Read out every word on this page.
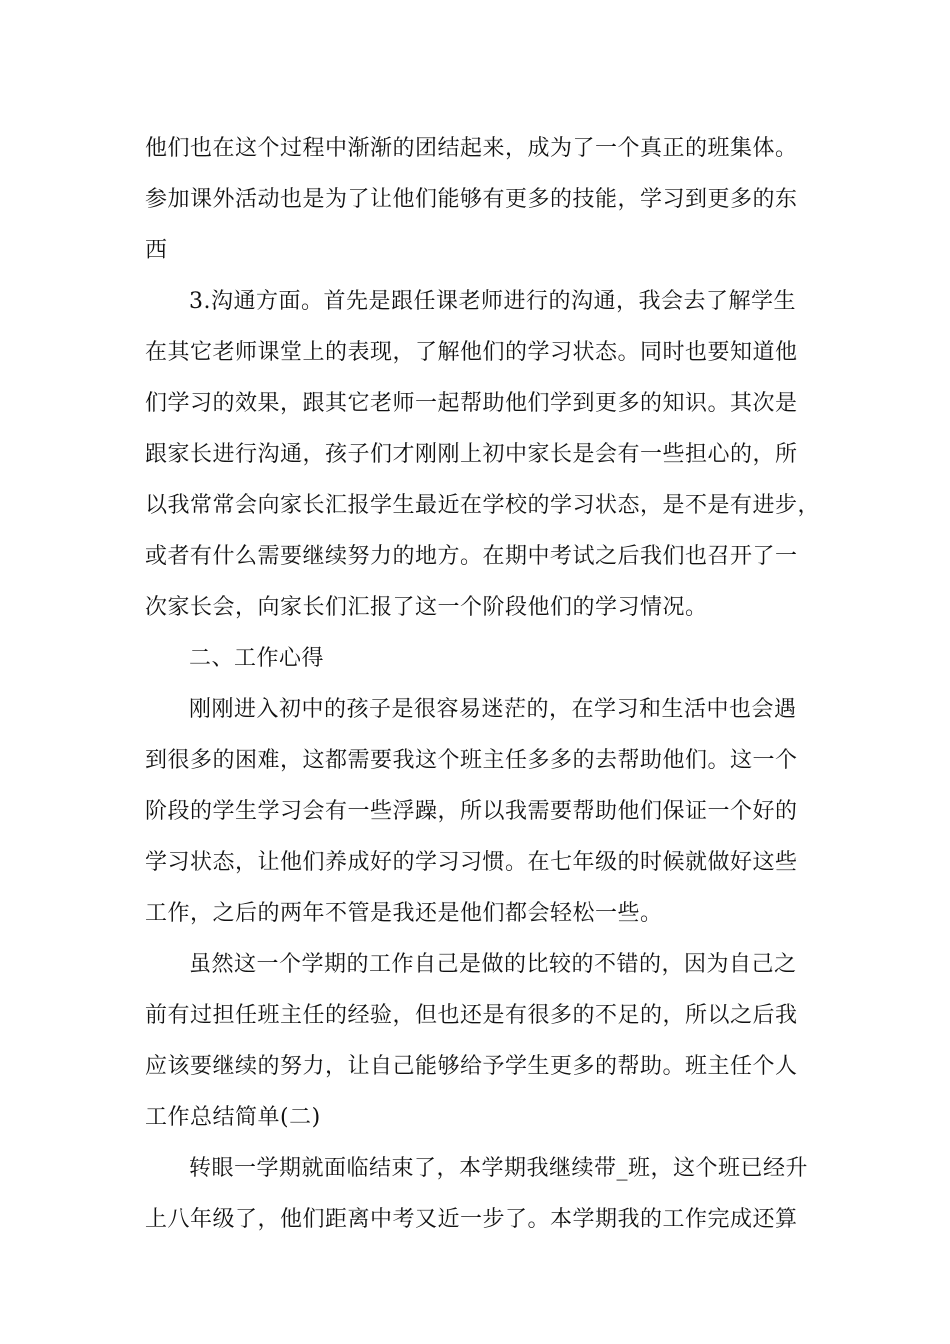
他们也在这个过程中渐渐的团结起来，成为了一个真正的班集体。

参加课外活动也是为了让他们能够有更多的技能，学习到更多的东

西

3.沟通方面。首先是跟任课老师进行的沟通，我会去了解学生

在其它老师课堂上的表现，了解他们的学习状态。同时也要知道他

们学习的效果，跟其它老师一起帮助他们学到更多的知识。其次是

跟家长进行沟通，孩子们才刚刚上初中家长是会有一些担心的，所

以我常常会向家长汇报学生最近在学校的学习状态，是不是有进步，

或者有什么需要继续努力的地方。在期中考试之后我们也召开了一

次家长会，向家长们汇报了这一个阶段他们的学习情况。

二、工作心得

刚刚进入初中的孩子是很容易迷茫的，在学习和生活中也会遇

到很多的困难，这都需要我这个班主任多多的去帮助他们。这一个

阶段的学生学习会有一些浮躁，所以我需要帮助他们保证一个好的

学习状态，让他们养成好的学习习惯。在七年级的时候就做好这些

工作，之后的两年不管是我还是他们都会轻松一些。

虽然这一个学期的工作自己是做的比较的不错的，因为自己之

前有过担任班主任的经验，但也还是有很多的不足的，所以之后我

应该要继续的努力，让自己能够给予学生更多的帮助。班主任个人

工作总结简单(二)

转眼一学期就面临结束了，本学期我继续带_班，这个班已经升

上八年级了，他们距离中考又近一步了。本学期我的工作完成还算
